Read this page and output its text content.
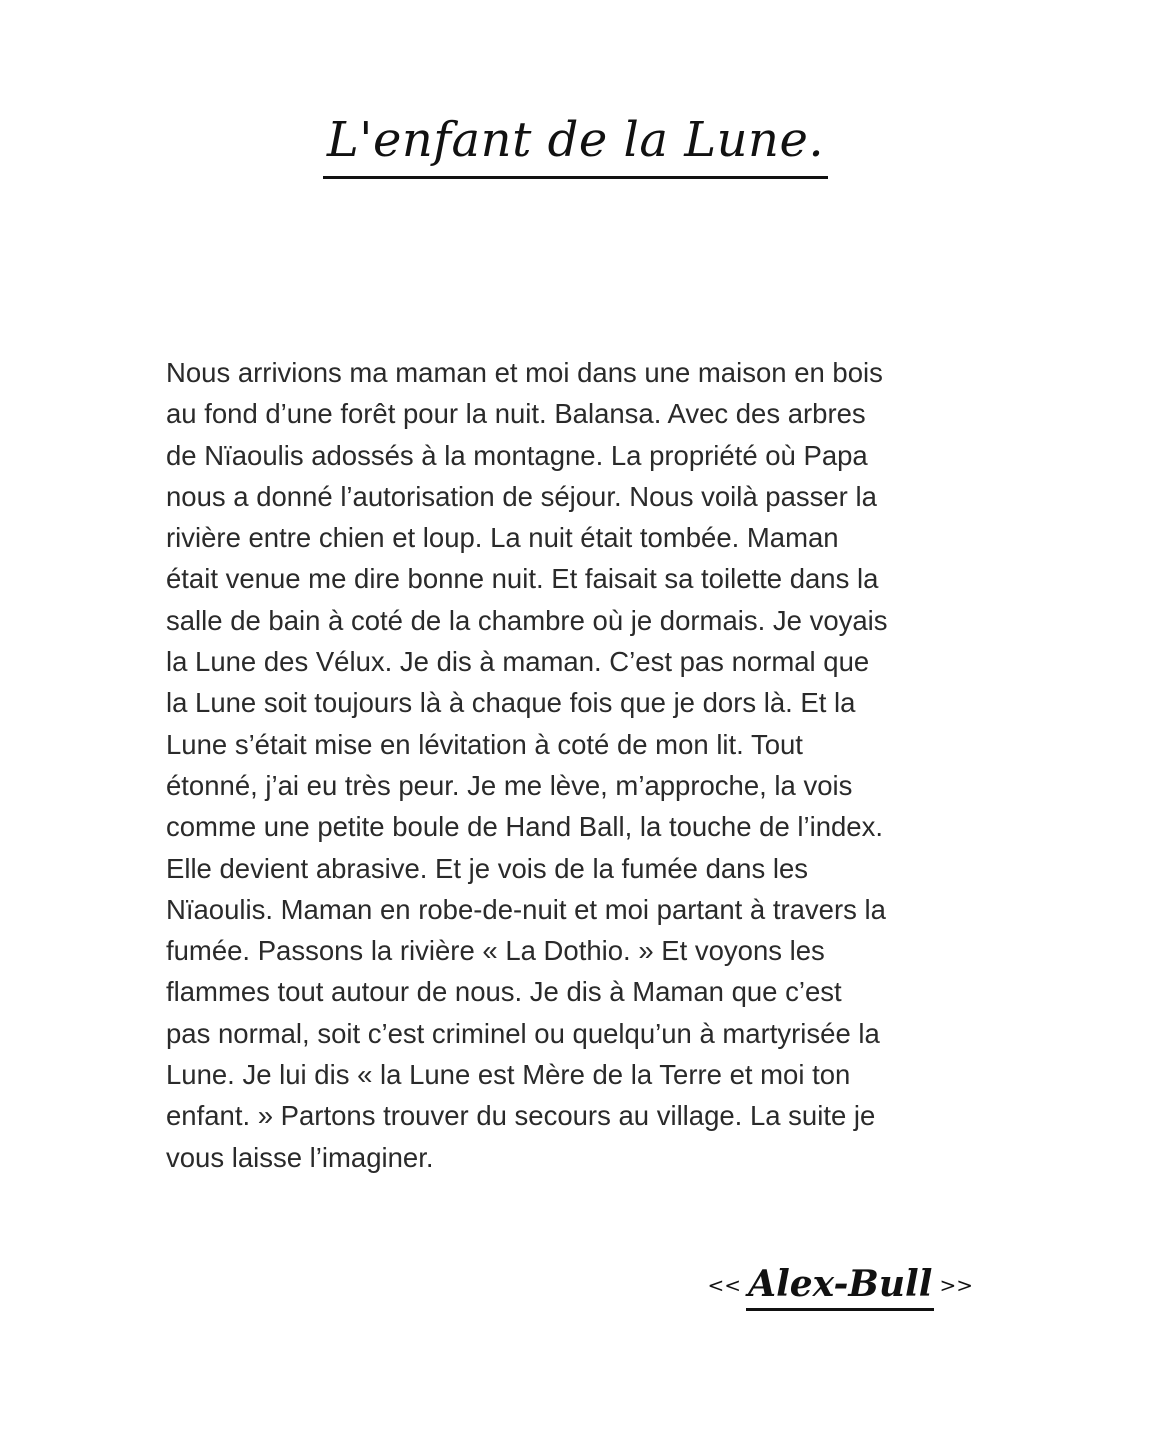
L'enfant de la Lune.
Nous arrivions ma maman et moi dans une maison en bois
au fond d’une forêt pour la nuit. Balansa. Avec des arbres
de Nïaoulis adossés à la montagne. La propriété où Papa
nous a donné l’autorisation de séjour. Nous voilà passer la
rivière entre chien et loup. La nuit était tombée. Maman
était venue me dire bonne nuit. Et faisait sa toilette dans la
salle de bain à coté de la chambre où je dormais. Je voyais
la Lune des Vélux. Je dis à maman. C’est pas normal que
la Lune soit toujours là à chaque fois que je dors là. Et la
Lune s’était mise en lévitation à coté de mon lit. Tout
étonné, j’ai eu très peur. Je me lève, m’approche, la vois
comme une petite boule de Hand Ball, la touche de l’index.
Elle devient abrasive. Et je vois de la fumée dans les
Nïaoulis. Maman en robe-de-nuit et moi partant à travers la
fumée. Passons la rivière « La Dothio. » Et voyons les
flammes tout autour de nous. Je dis à Maman que c’est
pas normal, soit c’est criminel ou quelqu’un à martyrisée la
Lune. Je lui dis « la Lune est Mère de la Terre et moi ton
enfant. » Partons trouver du secours au village. La suite je
vous laisse l’imaginer.
<< Alex-Bull >>
